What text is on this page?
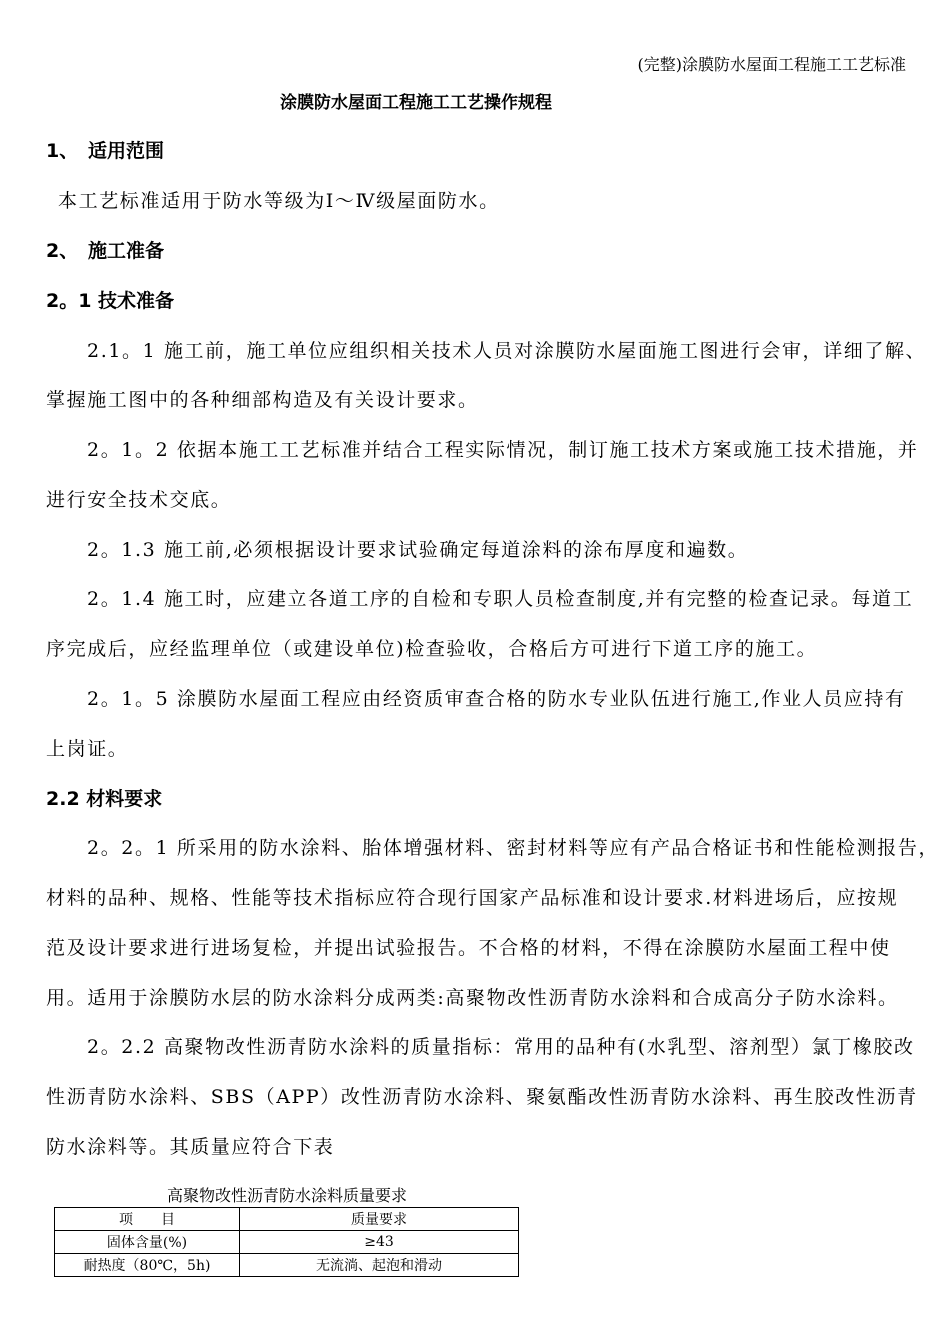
(完整)涂膜防水屋面工程施工工艺标准
涂膜防水屋面工程施工工艺操作规程
1、 适用范围
本工艺标准适用于防水等级为Ⅰ～Ⅳ级屋面防水。
2、 施工准备
2。1 技术准备
2.1。1 施工前，施工单位应组织相关技术人员对涂膜防水屋面施工图进行会审，详细了解、
掌握施工图中的各种细部构造及有关设计要求。
2。1。2 依据本施工工艺标准并结合工程实际情况，制订施工技术方案或施工技术措施，并
进行安全技术交底。
2。1.3 施工前,必须根据设计要求试验确定每道涂料的涂布厚度和遍数。
2。1.4 施工时，应建立各道工序的自检和专职人员检查制度,并有完整的检查记录。每道工
序完成后，应经监理单位（或建设单位)检查验收，合格后方可进行下道工序的施工。
2。1。5 涂膜防水屋面工程应由经资质审查合格的防水专业队伍进行施工,作业人员应持有
上岗证。
2.2 材料要求
2。2。1 所采用的防水涂料、胎体增强材料、密封材料等应有产品合格证书和性能检测报告，
材料的品种、规格、性能等技术指标应符合现行国家产品标准和设计要求.材料进场后，应按规
范及设计要求进行进场复检，并提出试验报告。不合格的材料，不得在涂膜防水屋面工程中使
用。适用于涂膜防水层的防水涂料分成两类:高聚物改性沥青防水涂料和合成高分子防水涂料。
2。2.2 高聚物改性沥青防水涂料的质量指标：常用的品种有(水乳型、溶剂型）氯丁橡胶改
性沥青防水涂料、SBS（APP）改性沥青防水涂料、聚氨酯改性沥青防水涂料、再生胶改性沥青
防水涂料等。其质量应符合下表
高聚物改性沥青防水涂料质量要求
项　　目	质量要求
固体含量(%)	≥43
耐热度（80℃，5h)	无流淌、起泡和滑动
